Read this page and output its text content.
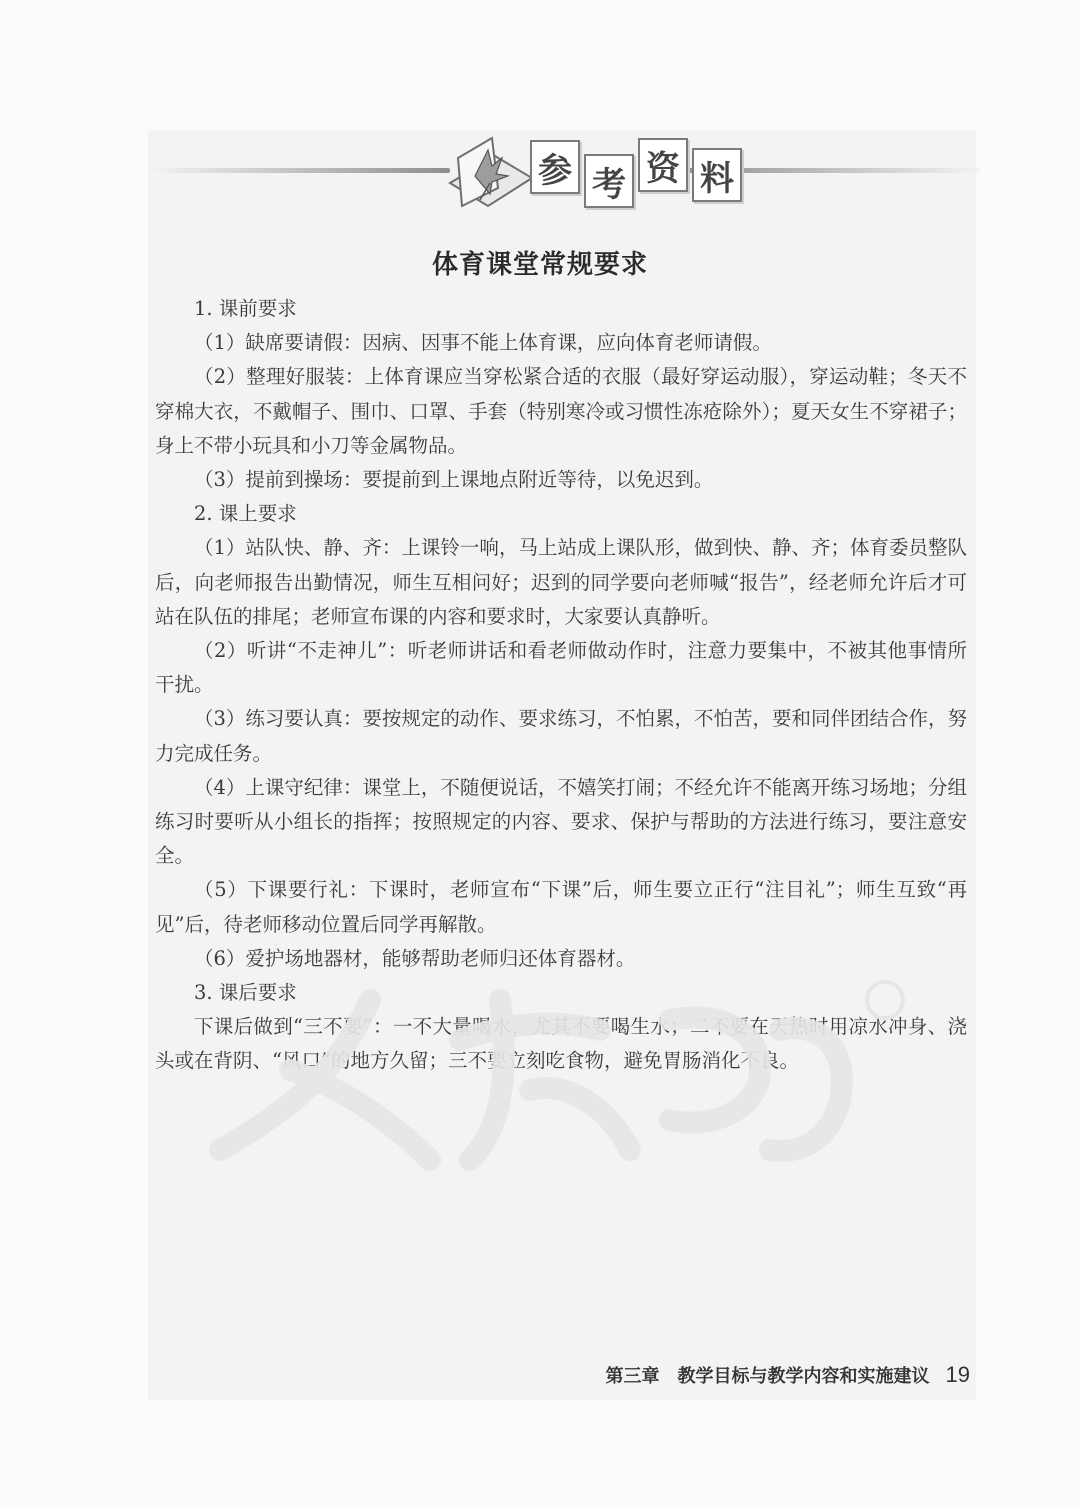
参 考 资 料
体育课堂常规要求

1. 课前要求

（1）缺席要请假：因病、因事不能上体育课，应向体育老师请假。

（2）整理好服装：上体育课应当穿松紧合适的衣服（最好穿运动服），穿运动鞋；冬天不穿棉大衣，不戴帽子、围巾、口罩、手套（特别寒冷或习惯性冻疮除外）；夏天女生不穿裙子；身上不带小玩具和小刀等金属物品。

（3）提前到操场：要提前到上课地点附近等待，以免迟到。

2. 课上要求

（1）站队快、静、齐：上课铃一响，马上站成上课队形，做到快、静、齐；体育委员整队后，向老师报告出勤情况，师生互相问好；迟到的同学要向老师喊“报告”，经老师允许后才可站在队伍的排尾；老师宣布课的内容和要求时，大家要认真静听。

（2）听讲“不走神儿”：听老师讲话和看老师做动作时，注意力要集中，不被其他事情所干扰。

（3）练习要认真：要按规定的动作、要求练习，不怕累，不怕苦，要和同伴团结合作，努力完成任务。

（4）上课守纪律：课堂上，不随便说话，不嬉笑打闹；不经允许不能离开练习场地；分组练习时要听从小组长的指挥；按照规定的内容、要求、保护与帮助的方法进行练习，要注意安全。

（5）下课要行礼：下课时，老师宣布“下课”后，师生要立正行“注目礼”；师生互致“再见”后，待老师移动位置后同学再解散。

（6）爱护场地器材，能够帮助老师归还体育器材。

3. 课后要求

下课后做到“三不要”：一不大量喝水，尤其不要喝生水；二不要在天热时用凉水冲身、浇头或在背阴、“风口”的地方久留；三不要立刻吃食物，避免胃肠消化不良。

第三章　教学目标与教学内容和实施建议 19
